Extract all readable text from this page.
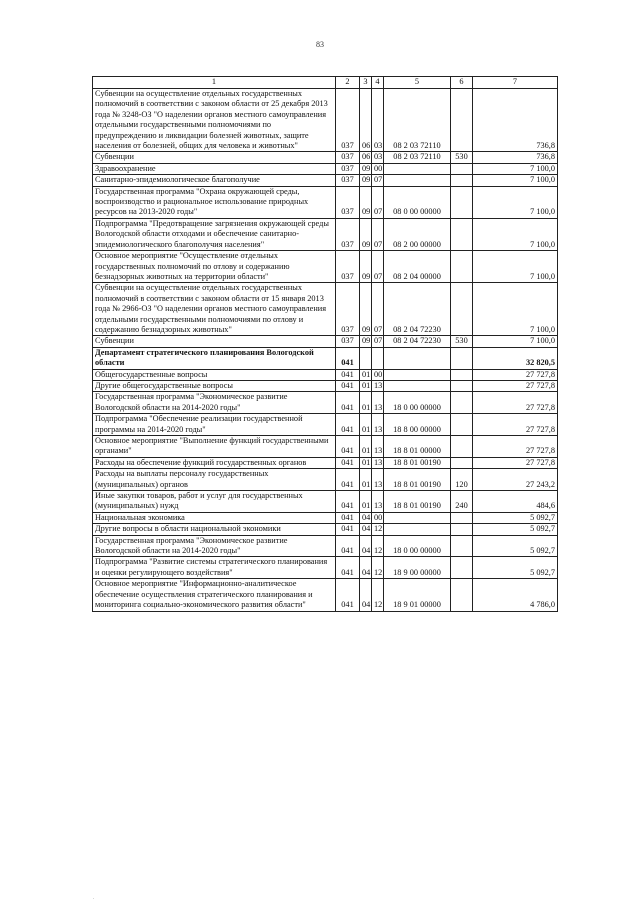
83
1	2	3	4	5	6	7
Субвенции на осуществление отдельных государственных полномочий в соответствии с законом области от 25 декабря 2013 года № 3248-ОЗ "О наделении органов местного самоуправления отдельными государственными полномочиями по предупреждению и ликвидации болезней животных, защите населения от болезней, общих для человека и животных"	037	06	03	08 2 03 72110		736,8
Субвенции	037	06	03	08 2 03 72110	530	736,8
Здравоохранение	037	09	00			7 100,0
Санитарно-эпидемиологическое благополучие	037	09	07			7 100,0
Государственная программа "Охрана окружающей среды, воспроизводство и рациональное использование природных ресурсов на 2013-2020 годы"	037	09	07	08 0 00 00000		7 100,0
Подпрограмма "Предотвращение загрязнения окружающей среды Вологодской области отходами и обеспечение санитарно-эпидемиологического благополучия населения"	037	09	07	08 2 00 00000		7 100,0
Основное мероприятие "Осуществление отдельных государственных полномочий по отлову и содержанию безнадзорных животных на территории области"	037	09	07	08 2 04 00000		7 100,0
Субвенции на осуществление отдельных государственных полномочий в соответствии с законом области от 15 января 2013 года № 2966-ОЗ "О наделении органов местного самоуправления отдельными государственными полномочиями по отлову и содержанию безнадзорных животных"	037	09	07	08 2 04 72230		7 100,0
Субвенции	037	09	07	08 2 04 72230	530	7 100,0
Департамент стратегического планирования Вологодской области	041					32 820,5
Общегосударственные вопросы	041	01	00			27 727,8
Другие общегосударственные вопросы	041	01	13			27 727,8
Государственная программа "Экономическое развитие Вологодской области на 2014-2020 годы"	041	01	13	18 0 00 00000		27 727,8
Подпрограмма "Обеспечение реализации государственной программы на 2014-2020 годы"	041	01	13	18 8 00 00000		27 727,8
Основное мероприятие "Выполнение функций государственными органами"	041	01	13	18 8 01 00000		27 727,8
Расходы на обеспечение функций государственных органов	041	01	13	18 8 01 00190		27 727,8
Расходы на выплаты персоналу государственных (муниципальных) органов	041	01	13	18 8 01 00190	120	27 243,2
Иные закупки товаров, работ и услуг для государственных (муниципальных) нужд	041	01	13	18 8 01 00190	240	484,6
Национальная экономика	041	04	00			5 092,7
Другие вопросы в области национальной экономики	041	04	12			5 092,7
Государственная программа "Экономическое развитие Вологодской области на 2014-2020 годы"	041	04	12	18 0 00 00000		5 092,7
Подпрограмма "Развитие системы стратегического планирования и оценки регулирующего воздействия"	041	04	12	18 9 00 00000		5 092,7
Основное мероприятие "Информационно-аналитическое обеспечение осуществления стратегического планирования и мониторинга социально-экономического развития области"	041	04	12	18 9 01 00000		4 786,0
.
